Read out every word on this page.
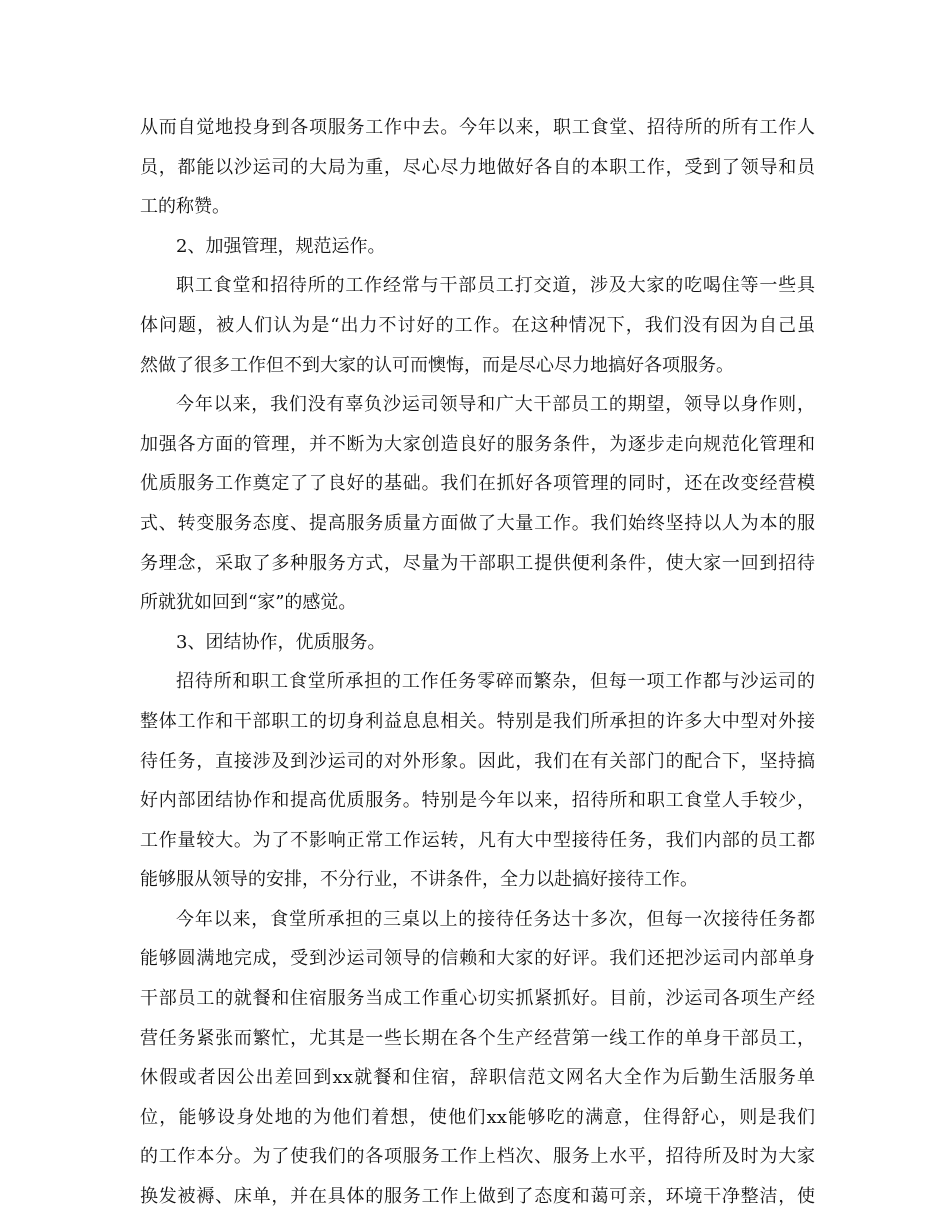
从而自觉地投身到各项服务工作中去。今年以来，职工食堂、招待所的所有工作人
员，都能以沙运司的大局为重，尽心尽力地做好各自的本职工作，受到了领导和员
工的称赞。
2、加强管理，规范运作。
职工食堂和招待所的工作经常与干部员工打交道，涉及大家的吃喝住等一些具
体问题，被人们认为是“出力不讨好的工作。在这种情况下，我们没有因为自己虽
然做了很多工作但不到大家的认可而懊悔，而是尽心尽力地搞好各项服务。
今年以来，我们没有辜负沙运司领导和广大干部员工的期望，领导以身作则，
加强各方面的管理，并不断为大家创造良好的服务条件，为逐步走向规范化管理和
优质服务工作奠定了了良好的基础。我们在抓好各项管理的同时，还在改变经营模
式、转变服务态度、提高服务质量方面做了大量工作。我们始终坚持以人为本的服
务理念，采取了多种服务方式，尽量为干部职工提供便利条件，使大家一回到招待
所就犹如回到“家”的感觉。
3、团结协作，优质服务。
招待所和职工食堂所承担的工作任务零碎而繁杂，但每一项工作都与沙运司的
整体工作和干部职工的切身利益息息相关。特别是我们所承担的许多大中型对外接
待任务，直接涉及到沙运司的对外形象。因此，我们在有关部门的配合下，坚持搞
好内部团结协作和提高优质服务。特别是今年以来，招待所和职工食堂人手较少，
工作量较大。为了不影响正常工作运转，凡有大中型接待任务，我们内部的员工都
能够服从领导的安排，不分行业，不讲条件，全力以赴搞好接待工作。
今年以来，食堂所承担的三桌以上的接待任务达十多次，但每一次接待任务都
能够圆满地完成，受到沙运司领导的信赖和大家的好评。我们还把沙运司内部单身
干部员工的就餐和住宿服务当成工作重心切实抓紧抓好。目前，沙运司各项生产经
营任务紧张而繁忙，尤其是一些长期在各个生产经营第一线工作的单身干部员工，
休假或者因公出差回到xx就餐和住宿，辞职信范文网名大全作为后勤生活服务单
位，能够设身处地的为他们着想，使他们xx能够吃的满意，住得舒心，则是我们
的工作本分。为了使我们的各项服务工作上档次、服务上水平，招待所及时为大家
换发被褥、床单，并在具体的服务工作上做到了态度和蔼可亲，环境干净整洁，使
